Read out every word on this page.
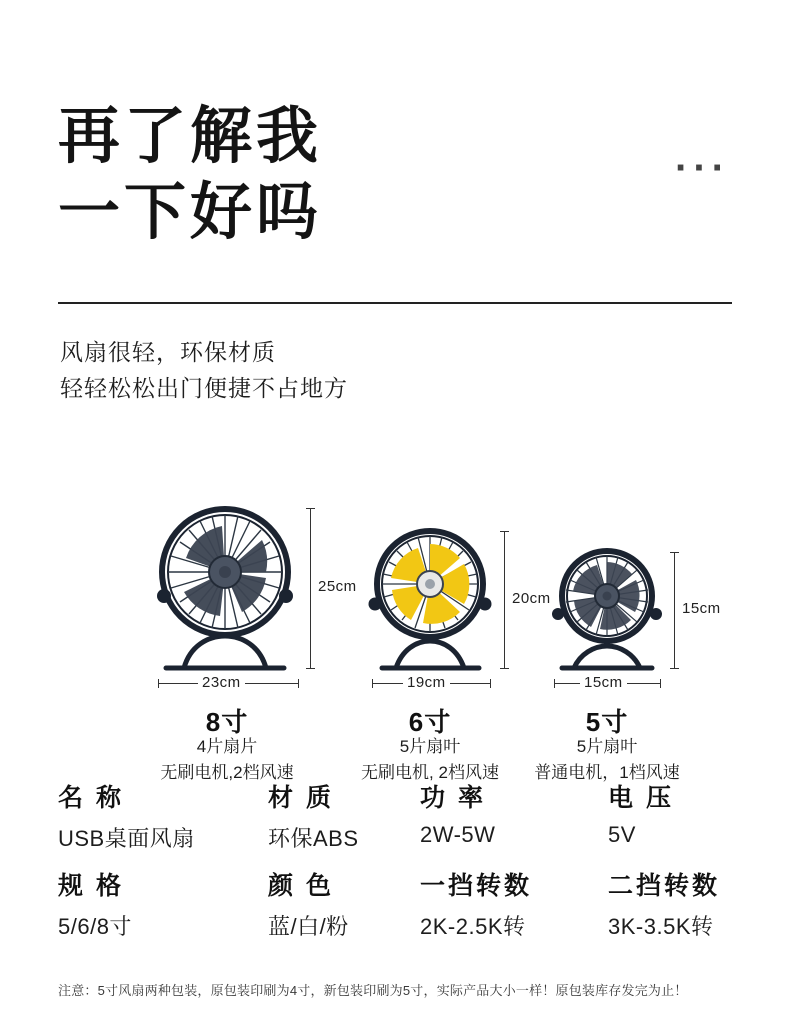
再了解我
一下好吗
···
风扇很轻，环保材质
轻轻松松出门便捷不占地方
25cm
23cm
8寸
4片扇片
无刷电机,2档风速
20cm
19cm
6寸
5片扇叶
无刷电机, 2档风速
15cm
15cm
5寸
5片扇叶
普通电机，1档风速
名 称
USB桌面风扇
材 质
环保ABS
功 率
2W-5W
电 压
5V
规 格
5/6/8寸
颜 色
蓝/白/粉
一挡转数
2K-2.5K转
二挡转数
3K-3.5K转
注意：5寸风扇两种包装，原包装印刷为4寸，新包装印刷为5寸，实际产品大小一样！原包装库存发完为止！
